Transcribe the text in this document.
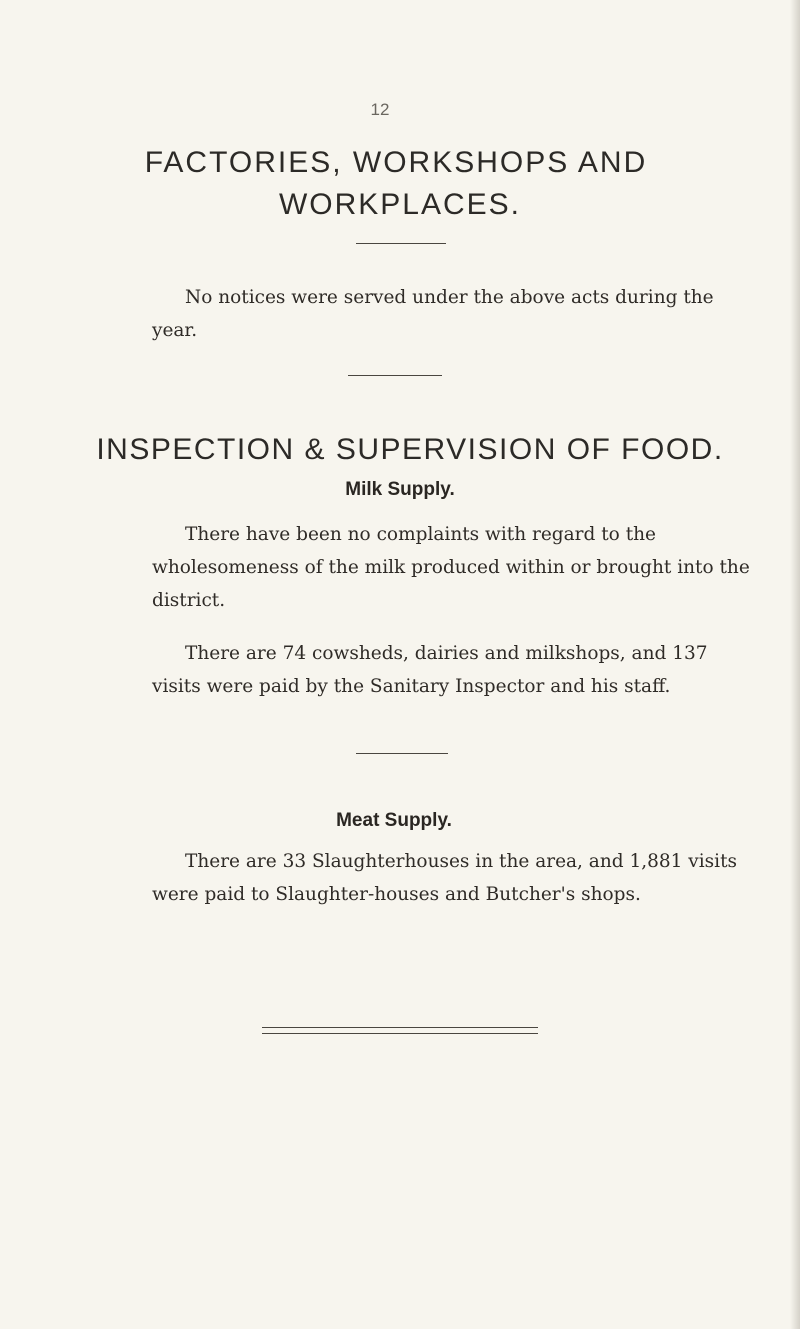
12
FACTORIES, WORKSHOPS AND
WORKPLACES.

No notices were served under the above acts during the year.

INSPECTION & SUPERVISION OF FOOD.
Milk Supply.

There have been no complaints with regard to the wholesomeness of the milk produced within or brought into the district.

There are 74 cowsheds, dairies and milkshops, and 137 visits were paid by the Sanitary Inspector and his staff.

Meat Supply.

There are 33 Slaughterhouses in the area, and 1,881 visits were paid to Slaughter-houses and Butcher's shops.
